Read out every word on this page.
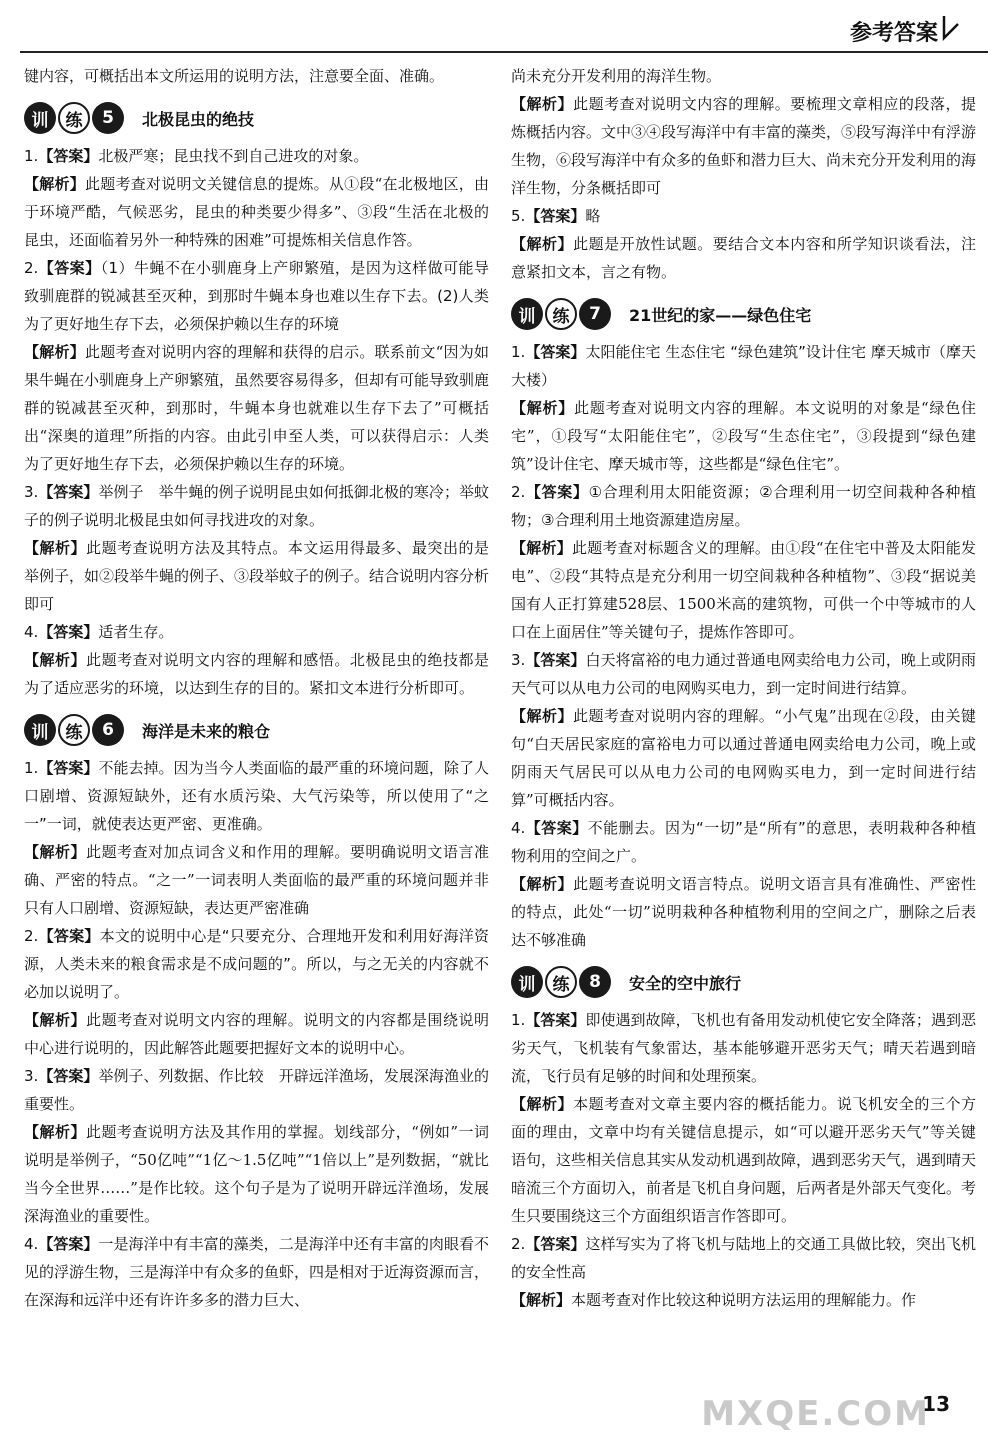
参考答案

键内容，可概括出本文所运用的说明方法，注意要全面、准确。

训	练	5	北极昆虫的绝技

1.【答案】北极严寒；昆虫找不到自己进攻的对象。

【解析】此题考查对说明文关键信息的提炼。从①段“在北极地区，由于环境严酷，气候恶劣，昆虫的种类要少得多”、③段“生活在北极的昆虫，还面临着另外一种特殊的困难”可提炼相关信息作答。

2.【答案】（1）牛蝇不在小驯鹿身上产卵繁殖，是因为这样做可能导致驯鹿群的锐减甚至灭种，到那时牛蝇本身也难以生存下去。(2)人类为了更好地生存下去，必须保护赖以生存的环境

【解析】此题考查对说明内容的理解和获得的启示。联系前文“因为如果牛蝇在小驯鹿身上产卵繁殖，虽然要容易得多，但却有可能导致驯鹿群的锐减甚至灭种，到那时，牛蝇本身也就难以生存下去了”可概括出“深奥的道理”所指的内容。由此引申至人类，可以获得启示：人类为了更好地生存下去，必须保护赖以生存的环境。

3.【答案】举例子　举牛蝇的例子说明昆虫如何抵御北极的寒冷；举蚊子的例子说明北极昆虫如何寻找进攻的对象。

【解析】此题考查说明方法及其特点。本文运用得最多、最突出的是举例子，如②段举牛蝇的例子、③段举蚊子的例子。结合说明内容分析即可

4.【答案】适者生存。

【解析】此题考查对说明文内容的理解和感悟。北极昆虫的绝技都是为了适应恶劣的环境，以达到生存的目的。紧扣文本进行分析即可。

训	练	6	海洋是未来的粮仓

1.【答案】不能去掉。因为当今人类面临的最严重的环境问题，除了人口剧增、资源短缺外，还有水质污染、大气污染等，所以使用了“之一”一词，就使表达更严密、更准确。

【解析】此题考查对加点词含义和作用的理解。要明确说明文语言准确、严密的特点。“之一”一词表明人类面临的最严重的环境问题并非只有人口剧增、资源短缺，表达更严密准确

2.【答案】本文的说明中心是“只要充分、合理地开发和利用好海洋资源，人类未来的粮食需求是不成问题的”。所以，与之无关的内容就不必加以说明了。

【解析】此题考查对说明文内容的理解。说明文的内容都是围绕说明中心进行说明的，因此解答此题要把握好文本的说明中心。

3.【答案】举例子、列数据、作比较　开辟远洋渔场，发展深海渔业的重要性。

【解析】此题考查说明方法及其作用的掌握。划线部分，“例如”一词说明是举例子，“50亿吨”“1亿～1.5亿吨”“1倍以上”是列数据，“就比当今全世界……”是作比较。这个句子是为了说明开辟远洋渔场，发展深海渔业的重要性。

4.【答案】一是海洋中有丰富的藻类，二是海洋中还有丰富的肉眼看不见的浮游生物，三是海洋中有众多的鱼虾，四是相对于近海资源而言，在深海和远洋中还有许许多多的潜力巨大、

尚未充分开发利用的海洋生物。

【解析】此题考查对说明文内容的理解。要梳理文章相应的段落，提炼概括内容。文中③④段写海洋中有丰富的藻类，⑤段写海洋中有浮游生物，⑥段写海洋中有众多的鱼虾和潜力巨大、尚未充分开发利用的海洋生物，分条概括即可

5.【答案】略

【解析】此题是开放性试题。要结合文本内容和所学知识谈看法，注意紧扣文本，言之有物。

训	练	7	21世纪的家——绿色住宅

1.【答案】太阳能住宅 生态住宅 “绿色建筑”设计住宅 摩天城市（摩天大楼）

【解析】此题考查对说明文内容的理解。本文说明的对象是“绿色住宅”，①段写“太阳能住宅”，②段写“生态住宅”，③段提到“绿色建筑”设计住宅、摩天城市等，这些都是“绿色住宅”。

2.【答案】①合理利用太阳能资源；②合理利用一切空间栽种各种植物；③合理利用土地资源建造房屋。

【解析】此题考查对标题含义的理解。由①段“在住宅中普及太阳能发电”、②段“其特点是充分利用一切空间栽种各种植物”、③段“据说美国有人正打算建528层、1500米高的建筑物，可供一个中等城市的人口在上面居住”等关键句子，提炼作答即可。

3.【答案】白天将富裕的电力通过普通电网卖给电力公司，晚上或阴雨天气可以从电力公司的电网购买电力，到一定时间进行结算。

【解析】此题考查对说明内容的理解。“小气鬼”出现在②段，由关键句“白天居民家庭的富裕电力可以通过普通电网卖给电力公司，晚上或阴雨天气居民可以从电力公司的电网购买电力，到一定时间进行结算”可概括内容。

4.【答案】不能删去。因为“一切”是“所有”的意思，表明栽种各种植物利用的空间之广。

【解析】此题考查说明文语言特点。说明文语言具有准确性、严密性的特点，此处“一切”说明栽种各种植物利用的空间之广，删除之后表达不够准确

训	练	8	安全的空中旅行

1.【答案】即使遇到故障，飞机也有备用发动机使它安全降落；遇到恶劣天气，飞机装有气象雷达，基本能够避开恶劣天气；晴天若遇到暗流，飞行员有足够的时间和处理预案。

【解析】本题考查对文章主要内容的概括能力。说飞机安全的三个方面的理由，文章中均有关键信息提示，如“可以避开恶劣天气”等关键语句，这些相关信息其实从发动机遇到故障，遇到恶劣天气，遇到晴天暗流三个方面切入，前者是飞机自身问题，后两者是外部天气变化。考生只要围绕这三个方面组织语言作答即可。

2.【答案】这样写实为了将飞机与陆地上的交通工具做比较，突出飞机的安全性高

【解析】本题考查对作比较这种说明方法运用的理解能力。作

13
MXQE.COM
